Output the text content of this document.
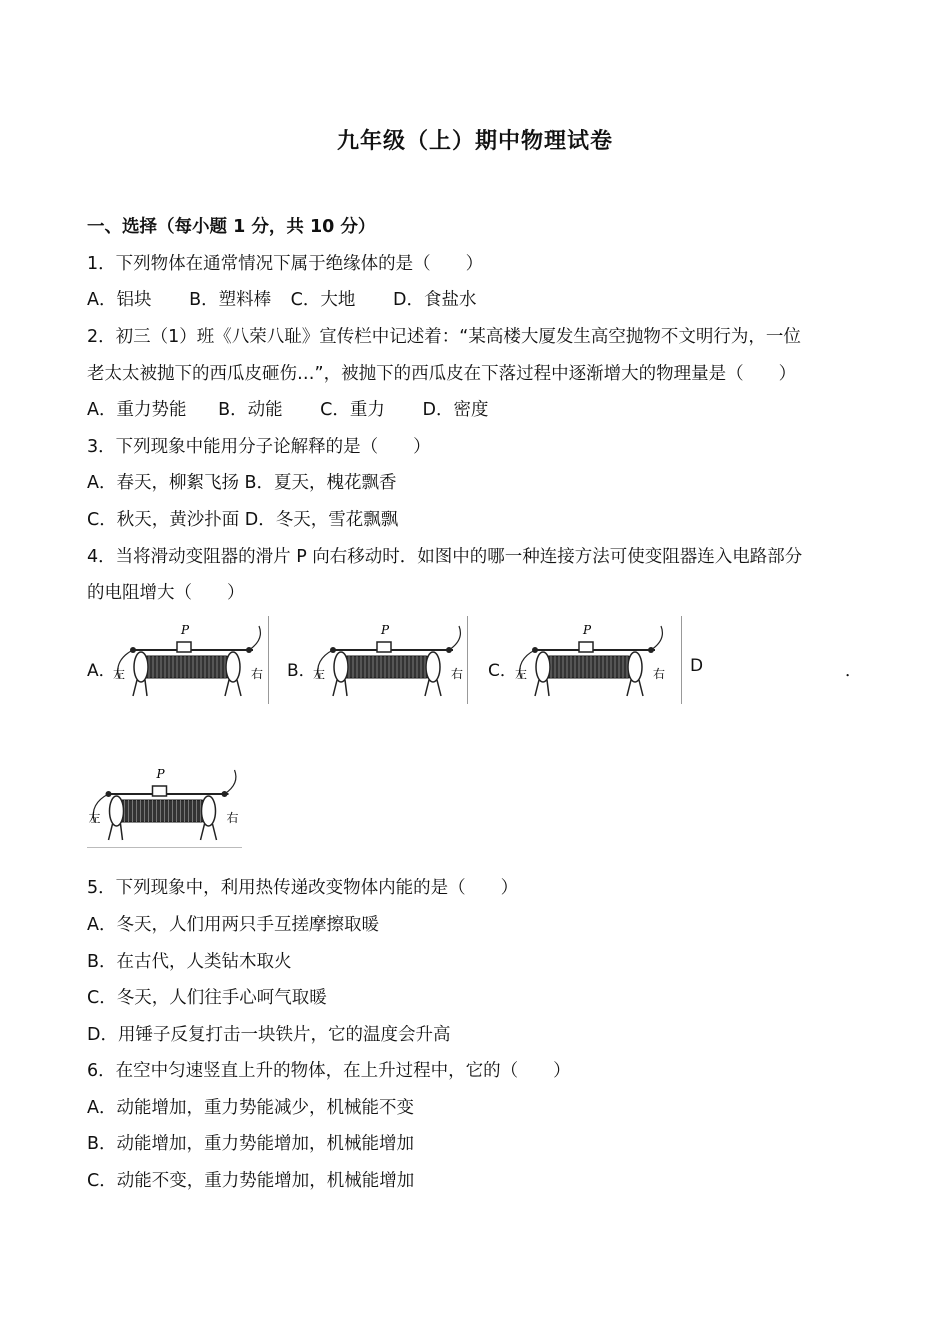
九年级（上）期中物理试卷
一、选择（每小题 1 分，共 10 分）
1．下列物体在通常情况下属于绝缘体的是（　　）
A．铝块 B．塑料棒 C．大地 D．食盐水
2．初三（1）班《八荣八耻》宣传栏中记述着：“某高楼大厦发生高空抛物不文明行为，一位
老太太被抛下的西瓜皮砸伤…”，被抛下的西瓜皮在下落过程中逐渐增大的物理量是（　　）
A．重力势能 B．动能 C．重力 D．密度
3．下列现象中能用分子论解释的是（　　）
A．春天，柳絮飞扬 B．夏天，槐花飘香
C．秋天，黄沙扑面 D．冬天，雪花飘飘
4．当将滑动变阻器的滑片 P 向右移动时．如图中的哪一种连接方法可使变阻器连入电路部分
的电阻增大（　　）
A．
P
左	右 B．
P
左	右 C．
P
左	右 D	．
P
左	右
5．下列现象中，利用热传递改变物体内能的是（　　）
A．冬天，人们用两只手互搓摩擦取暖
B．在古代，人类钻木取火
C．冬天，人们往手心呵气取暖
D．用锤子反复打击一块铁片，它的温度会升高
6．在空中匀速竖直上升的物体，在上升过程中，它的（　　）
A．动能增加，重力势能减少，机械能不变
B．动能增加，重力势能增加，机械能增加
C．动能不变，重力势能增加，机械能增加
